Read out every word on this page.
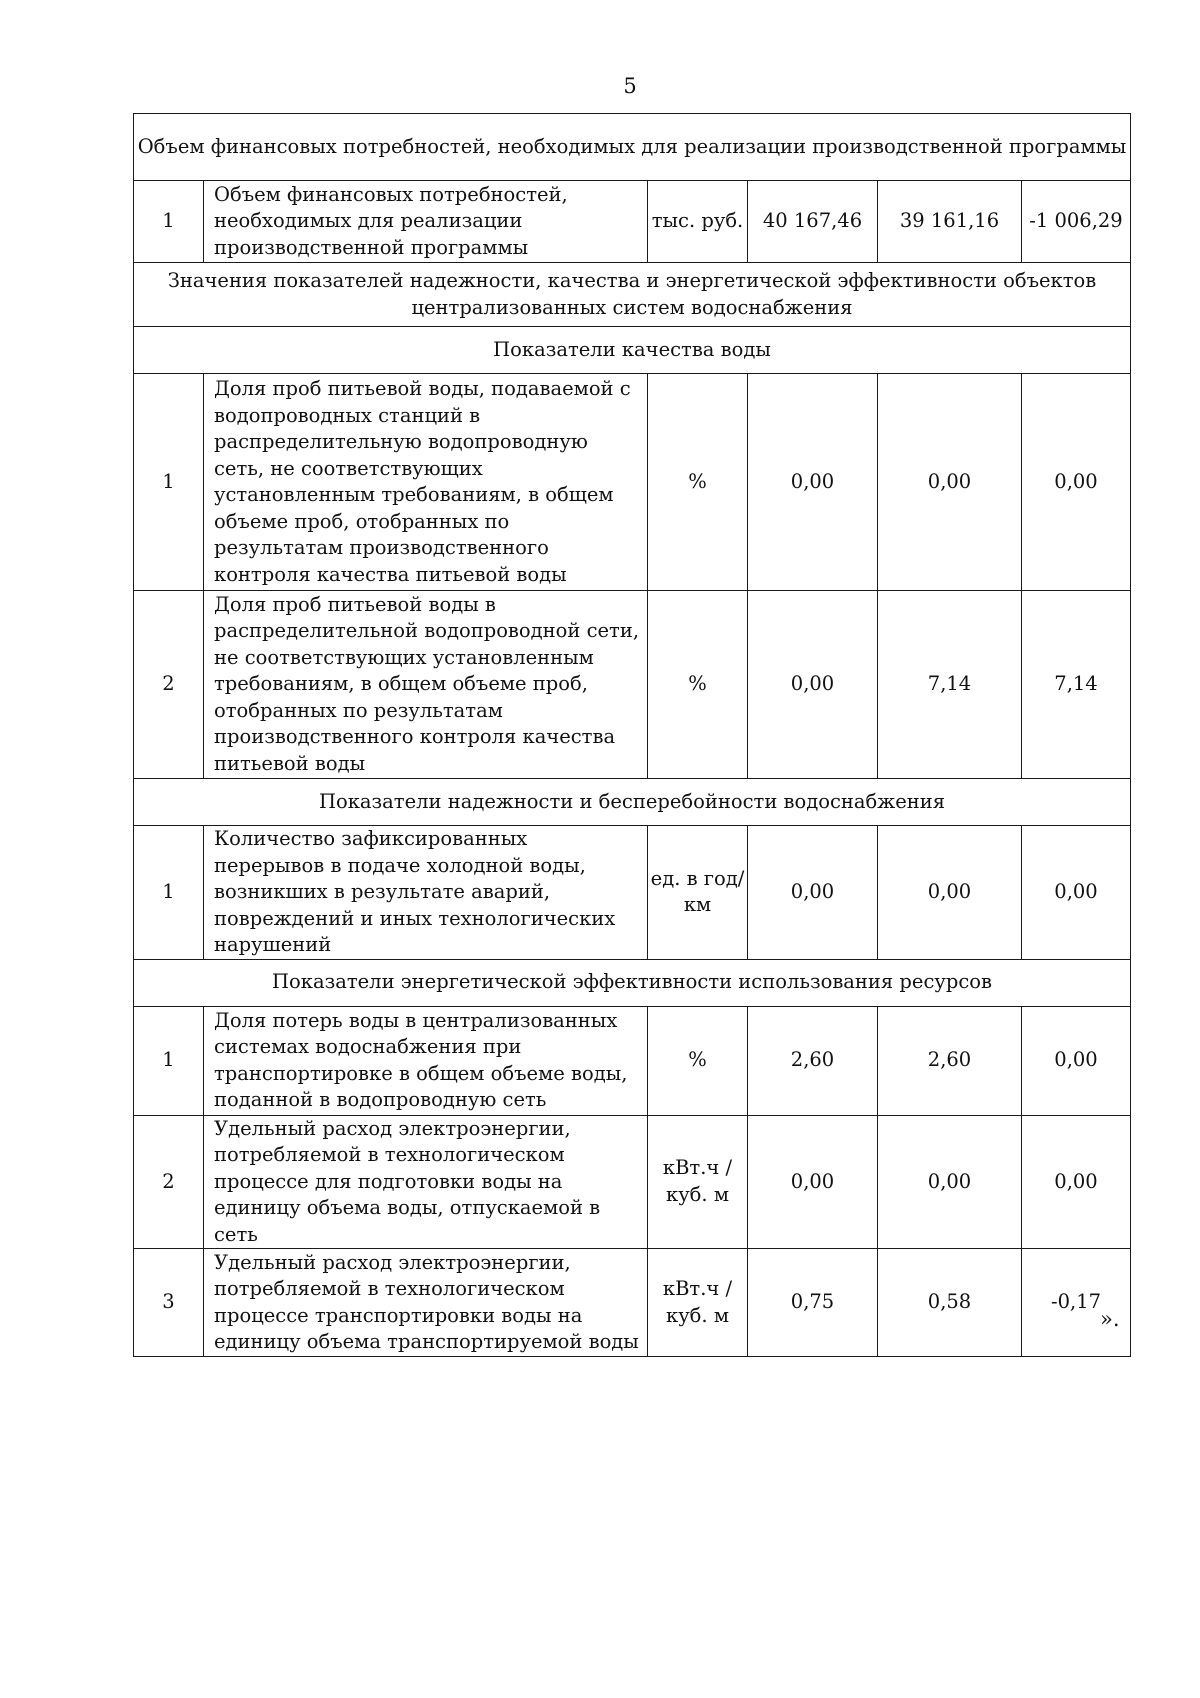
5
Объем финансовых потребностей, необходимых для реализации производственной программы					
1	Объем финансовых потребностей, необходимых для реализации производственной программы	тыс. руб.	40 167,46	39 161,16	-1 006,29
Значения показателей надежности, качества и энергетической эффективности объектов централизованных систем водоснабжения					
Показатели качества воды					
1	Доля проб питьевой воды, подаваемой с водопроводных станций в распределительную водопроводную сеть, не соответствующих установленным требованиям, в общем объеме проб, отобранных по результатам производственного контроля качества питьевой воды	%	0,00	0,00	0,00
2	Доля проб питьевой воды в распределительной водопроводной сети, не соответствующих установленным требованиям, в общем объеме проб, отобранных по результатам производственного контроля качества питьевой воды	%	0,00	7,14	7,14
Показатели надежности и бесперебойности водоснабжения					
1	Количество зафиксированных перерывов в подаче холодной воды, возникших в результате аварий, повреждений и иных технологических нарушений	ед. в год/ км	0,00	0,00	0,00
Показатели энергетической эффективности использования ресурсов					
1	Доля потерь воды в централизованных системах водоснабжения при транспортировке в общем объеме воды, поданной в водопроводную сеть	%	2,60	2,60	0,00
2	Удельный расход электроэнергии, потребляемой в технологическом процессе для подготовки воды на единицу объема воды, отпускаемой в сеть	кВт.ч / куб. м	0,00	0,00	0,00
3	Удельный расход электроэнергии, потребляемой в технологическом процессе транспортировки воды на единицу объема транспортируемой воды	кВт.ч / куб. м	0,75	0,58	-0,17
».
